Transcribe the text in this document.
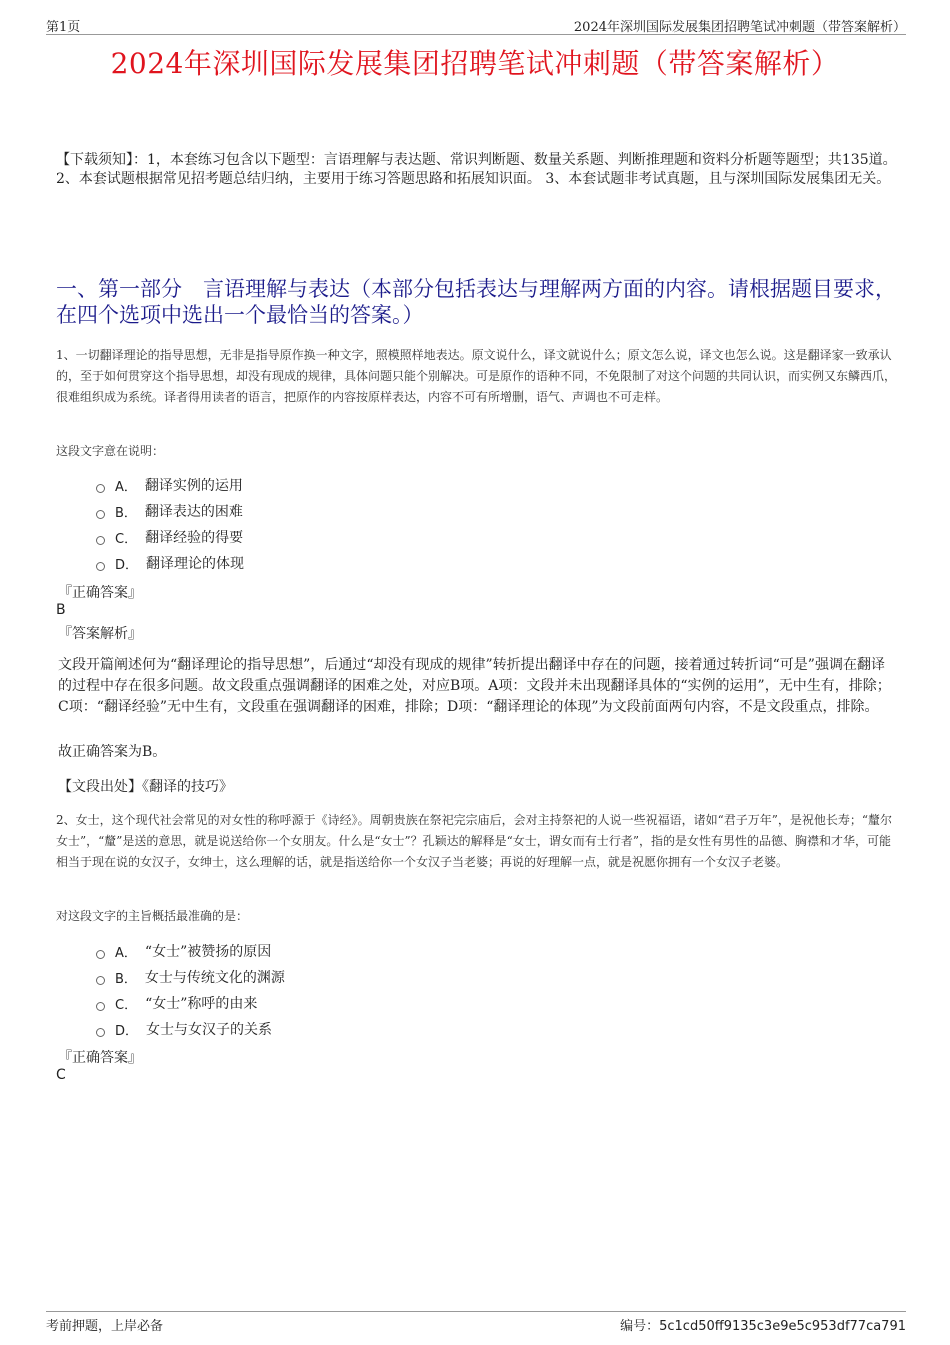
第1页	2024年深圳国际发展集团招聘笔试冲刺题（带答案解析）
2024年深圳国际发展集团招聘笔试冲刺题（带答案解析）
【下载须知】：1，本套练习包含以下题型：言语理解与表达题、常识判断题、数量关系题、判断推理题和资料分析题等题型；共135道。 2、本套试题根据常见招考题总结归纳，主要用于练习答题思路和拓展知识面。 3、本套试题非考试真题，且与深圳国际发展集团无关。
一、第一部分　言语理解与表达（本部分包括表达与理解两方面的内容。请根据题目要求，在四个选项中选出一个最恰当的答案。）
1、一切翻译理论的指导思想，无非是指导原作换一种文字，照模照样地表达。原文说什么，译文就说什么；原文怎么说，译文也怎么说。这是翻译家一致承认的，至于如何贯穿这个指导思想，却没有现成的规律，具体问题只能个别解决。可是原作的语种不同，不免限制了对这个问题的共同认识，而实例又东鳞西爪，很难组织成为系统。译者得用读者的语言，把原作的内容按原样表达，内容不可有所增删，语气、声调也不可走样。
这段文字意在说明：
A． 翻译实例的运用
B． 翻译表达的困难
C． 翻译经验的得要
D． 翻译理论的体现
『正确答案』
B
『答案解析』
文段开篇阐述何为“翻译理论的指导思想”，后通过“却没有现成的规律”转折提出翻译中存在的问题，接着通过转折词“可是”强调在翻译的过程中存在很多问题。故文段重点强调翻译的困难之处，对应B项。A项：文段并未出现翻译具体的“实例的运用”，无中生有，排除；C项：“翻译经验”无中生有，文段重在强调翻译的困难，排除；D项：“翻译理论的体现”为文段前面两句内容，不是文段重点，排除。
故正确答案为B。
【文段出处】《翻译的技巧》
2、女士，这个现代社会常见的对女性的称呼源于《诗经》。周朝贵族在祭祀完宗庙后，会对主持祭祀的人说一些祝福语，诸如“君子万年”，是祝他长寿；“釐尔女士”，“釐”是送的意思，就是说送给你一个女朋友。什么是“女士”？孔颖达的解释是“女士，谓女而有士行者”，指的是女性有男性的品德、胸襟和才华，可能相当于现在说的女汉子，女绅士，这么理解的话，就是指送给你一个女汉子当老婆；再说的好理解一点，就是祝愿你拥有一个女汉子老婆。
对这段文字的主旨概括最准确的是：
A． “女士”被赞扬的原因
B． 女士与传统文化的渊源
C． “女士”称呼的由来
D． 女士与女汉子的关系
『正确答案』
C
考前押题，上岸必备	编号：5c1cd50ff9135c3e9e5c953df77ca791
